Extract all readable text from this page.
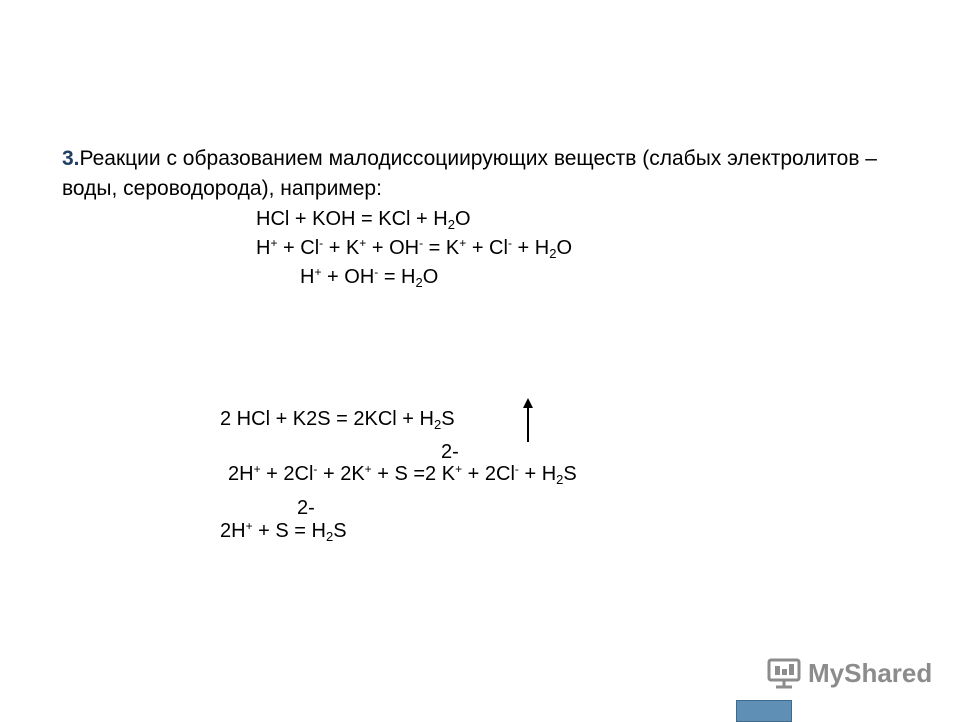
3.Реакции с образованием малодиссоциирующих веществ (слабых электролитов – воды, сероводорода), например:

HCl + KOH = KCl + $H_2O$
$H^+ + Cl^- + K^+ + OH^- = K^+ + Cl^- + H_2O$
$H^+ + OH^- = H_2O$
2 HCl + $K2S = 2KCl + H_2S$
2-
2H+ + 2Cl- + 2K+ + S =2 $K^+ + 2Cl^- + H_2S$
2-
$2H^+ + S = H_2S$
MyShared
